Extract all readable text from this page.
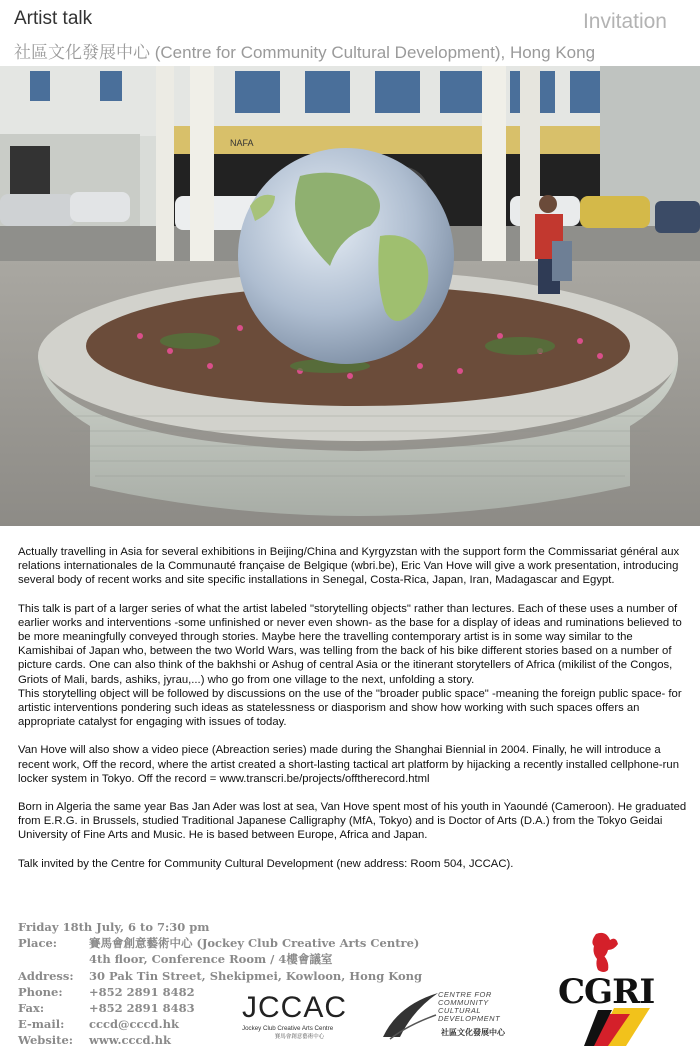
Artist talk
社區文化發展中心 (Centre for Community Cultural Development), Hong Kong
Invitation
NAFA

Actually travelling in Asia for several exhibitions in Beijing/China and Kyrgyzstan with the support form the Commissariat général aux relations internationales de la Communauté française de Belgique (wbri.be), Eric Van Hove will give a work presentation, introducing several body of recent works and site specific installations in Senegal, Costa-Rica, Japan, Iran, Madagascar and Egypt.

This talk is part of a larger series of what the artist labeled "storytelling objects" rather than lectures. Each of these uses a number of earlier works and interventions -some unfinished or never even shown- as the base for a display of ideas and ruminations believed to be more meaningfully conveyed through stories. Maybe here the travelling contemporary artist is in some way similar to the Kamishibai of Japan who, between the two World Wars, was telling from the back of his bike different stories based on a number of picture cards. One can also think of the bakhshi or Ashug of central Asia or the itinerant storytellers of Africa (mikilist of the Congos, Griots of Mali, bards, ashiks, jyrau,...) who go from one village to the next, unfolding a story.

This storytelling object will be followed by discussions on the use of the "broader public space" -meaning the foreign public space- for artistic interventions pondering such ideas as statelessness or diasporism and show how working with such spaces offers an appropriate catalyst for engaging with issues of today.

Van Hove will also show a video piece (Abreaction series) made during the Shanghai Biennial in 2004. Finally, he will introduce a recent work, Off the record, where the artist created a short-lasting tactical art platform by hijacking a recently installed cellphone-run locker system in Tokyo. Off the record = www.transcri.be/projects/offtherecord.html

Born in Algeria the same year Bas Jan Ader was lost at sea, Van Hove spent most of his youth in Yaoundé (Cameroon). He graduated from E.R.G. in Brussels, studied Traditional Japanese Calligraphy (MfA, Tokyo) and is Doctor of Arts (D.A.) from the Tokyo Geidai University of Fine Arts and Music. He is based between Europe, Africa and Japan.

Talk invited by the Centre for Community Cultural Development (new address: Room 504, JCCAC).

Friday 18th July, 6 to 7:30 pm
Place:	賽馬會創意藝術中心 (Jockey Club Creative Arts Centre)
4th floor, Conference Room / 4樓會議室
Address:	30 Pak Tin Street, Shekipmei, Kowloon, Hong Kong
Phone:	+852 2891 8482
Fax:	+852 2891 8483
E-mail:	cccd@cccd.hk
Website:	www.cccd.hk
JCCAC
Jockey Club Creative Arts Centre
賽馬會創意藝術中心
CENTRE FOR COMMUNITY CULTURAL DEVELOPMENT
社區文化發展中心
CGRI
